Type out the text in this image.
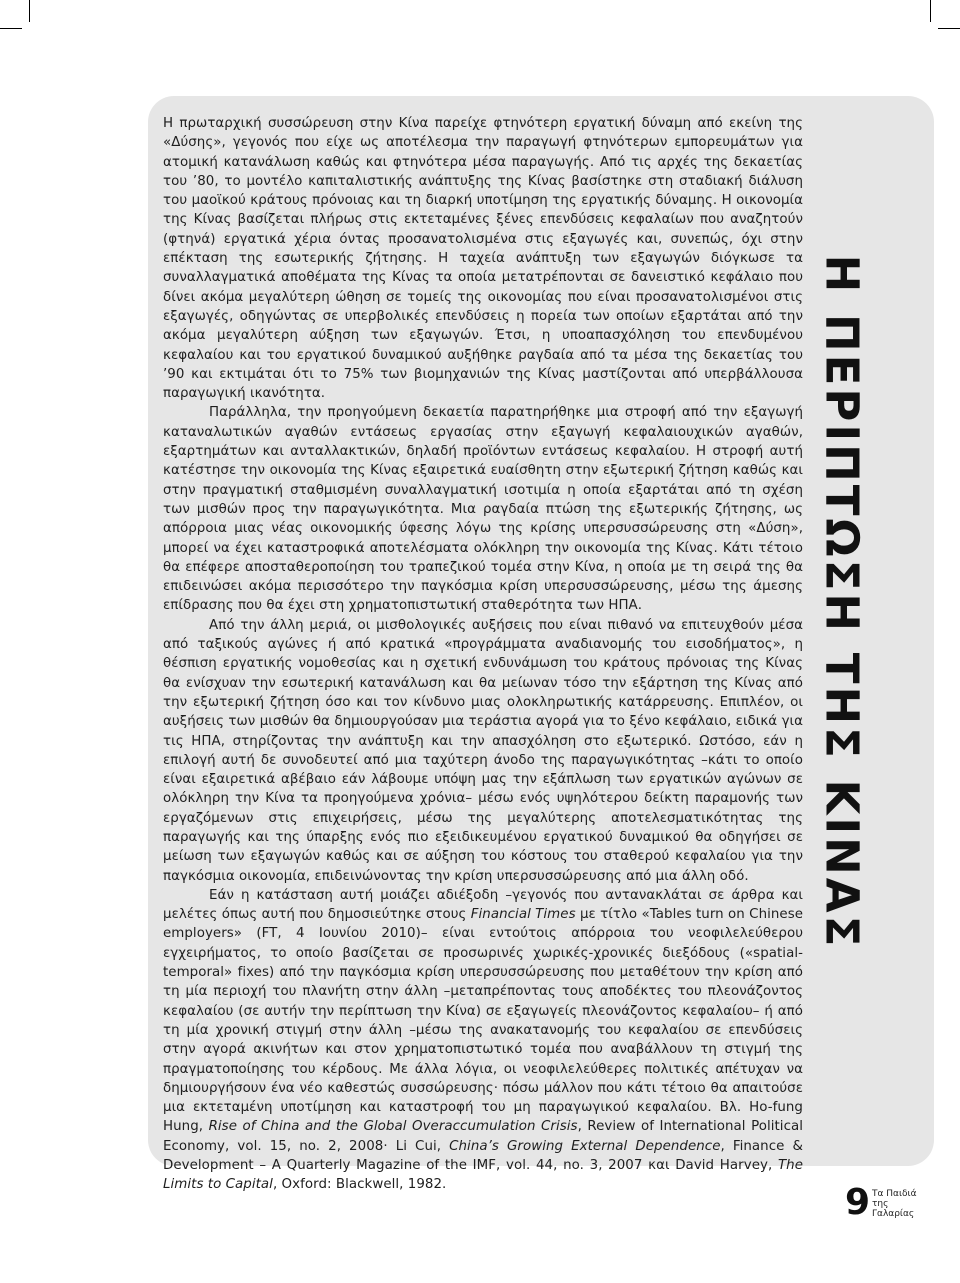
Η πρωταρχική συσσώρευση στην Κίνα παρείχε φτηνότερη εργατική δύναμη από εκείνη της «Δύσης», γεγονός που είχε ως αποτέλεσμα την παραγωγή φτηνότερων εμπορευμάτων για ατομική κατανάλωση καθώς και φτηνότερα μέσα παραγωγής. Από τις αρχές της δεκαετίας του ’80, το μοντέλο καπιταλιστικής ανάπτυξης της Κίνας βασίστηκε στη σταδιακή διάλυση του μαοϊκού κράτους πρόνοιας και τη διαρκή υποτίμηση της εργατικής δύναμης. Η οικονομία της Κίνας βασίζεται πλήρως στις εκτεταμένες ξένες επενδύσεις κεφαλαίων που αναζητούν (φτηνά) εργατικά χέρια όντας προσανατολισμένα στις εξαγωγές και, συνεπώς, όχι στην επέκταση της εσωτερικής ζήτησης. Η ταχεία ανάπτυξη των εξαγωγών διόγκωσε τα συναλλαγματικά αποθέματα της Κίνας τα οποία μετατρέπονται σε δανειστικό κεφάλαιο που δίνει ακόμα μεγαλύτερη ώθηση σε τομείς της οικονομίας που είναι προσανατολισμένοι στις εξαγωγές, οδηγώντας σε υπερβολικές επενδύσεις η πορεία των οποίων εξαρτάται από την ακόμα μεγαλύτερη αύξηση των εξαγωγών. Έτσι, η υποαπασχόληση του επενδυμένου κεφαλαίου και του εργατικού δυναμικού αυξήθηκε ραγδαία από τα μέσα της δεκαετίας του ’90 και εκτιμάται ότι το 75% των βιομηχανιών της Κίνας μαστίζονται από υπερβάλλουσα παραγωγική ικανότητα.

Παράλληλα, την προηγούμενη δεκαετία παρατηρήθηκε μια στροφή από την εξαγωγή καταναλωτικών αγαθών εντάσεως εργασίας στην εξαγωγή κεφαλαιουχικών αγαθών, εξαρτημάτων και ανταλλακτικών, δηλαδή προϊόντων εντάσεως κεφαλαίου. Η στροφή αυτή κατέστησε την οικονομία της Κίνας εξαιρετικά ευαίσθητη στην εξωτερική ζήτηση καθώς και στην πραγματική σταθμισμένη συναλλαγματική ισοτιμία η οποία εξαρτάται από τη σχέση των μισθών προς την παραγωγικότητα. Μια ραγδαία πτώση της εξωτερικής ζήτησης, ως απόρροια μιας νέας οικονομικής ύφεσης λόγω της κρίσης υπερσυσσώρευσης στη «Δύση», μπορεί να έχει καταστροφικά αποτελέσματα ολόκληρη την οικονομία της Κίνας. Κάτι τέτοιο θα επέφερε αποσταθεροποίηση του τραπεζικού τομέα στην Κίνα, η οποία με τη σειρά της θα επιδεινώσει ακόμα περισσότερο την παγκόσμια κρίση υπερσυσσώρευσης, μέσω της άμεσης επίδρασης που θα έχει στη χρηματοπιστωτική σταθερότητα των ΗΠΑ.

Από την άλλη μεριά, οι μισθολογικές αυξήσεις που είναι πιθανό να επιτευχθούν μέσα από ταξικούς αγώνες ή από κρατικά «προγράμματα αναδιανομής του εισοδήματος», η θέσπιση εργατικής νομοθεσίας και η σχετική ενδυνάμωση του κράτους πρόνοιας της Κίνας θα ενίσχυαν την εσωτερική κατανάλωση και θα μείωναν τόσο την εξάρτηση της Κίνας από την εξωτερική ζήτηση όσο και τον κίνδυνο μιας ολοκληρωτικής κατάρρευσης. Επιπλέον, οι αυξήσεις των μισθών θα δημιουργούσαν μια τεράστια αγορά για το ξένο κεφάλαιο, ειδικά για τις ΗΠΑ, στηρίζοντας την ανάπτυξη και την απασχόληση στο εξωτερικό. Ωστόσο, εάν η επιλογή αυτή δε συνοδευτεί από μια ταχύτερη άνοδο της παραγωγικότητας –κάτι το οποίο είναι εξαιρετικά αβέβαιο εάν λάβουμε υπόψη μας την εξάπλωση των εργατικών αγώνων σε ολόκληρη την Κίνα τα προηγούμενα χρόνια– μέσω ενός υψηλότερου δείκτη παραμονής των εργαζόμενων στις επιχειρήσεις, μέσω της μεγαλύτερης αποτελεσματικότητας της παραγωγής και της ύπαρξης ενός πιο εξειδικευμένου εργατικού δυναμικού θα οδηγήσει σε μείωση των εξαγωγών καθώς και σε αύξηση του κόστους του σταθερού κεφαλαίου για την παγκόσμια οικονομία, επιδεινώνοντας την κρίση υπερσυσσώρευσης από μια άλλη οδό.

Εάν η κατάσταση αυτή μοιάζει αδιέξοδη –γεγονός που αντανακλάται σε άρθρα και μελέτες όπως αυτή που δημοσιεύτηκε στους Financial Times με τίτλο «Tables turn on Chinese employers» (FT, 4 Ιουνίου 2010)– είναι εντούτοις απόρροια του νεοφιλελεύθερου εγχειρήματος, το οποίο βασίζεται σε προσωρινές χωρικές-χρονικές διεξόδους («spatial-temporal» fixes) από την παγκόσμια κρίση υπερσυσσώρευσης που μεταθέτουν την κρίση από τη μία περιοχή του πλανήτη στην άλλη –μεταπρέποντας τους αποδέκτες του πλεονάζοντος κεφαλαίου (σε αυτήν την περίπτωση την Κίνα) σε εξαγωγείς πλεονάζοντος κεφαλαίου– ή από τη μία χρονική στιγμή στην άλλη –μέσω της ανακατανομής του κεφαλαίου σε επενδύσεις στην αγορά ακινήτων και στον χρηματοπιστωτικό τομέα που αναβάλλουν τη στιγμή της πραγματοποίησης του κέρδους. Με άλλα λόγια, οι νεοφιλελεύθερες πολιτικές απέτυχαν να δημιουργήσουν ένα νέο καθεστώς συσσώρευσης· πόσω μάλλον που κάτι τέτοιο θα απαιτούσε μια εκτεταμένη υποτίμηση και καταστροφή του μη παραγωγικού κεφαλαίου. Βλ. Ho-fung Hung, Rise of China and the Global Overaccumulation Crisis, Review of International Political Economy, vol. 15, no. 2, 2008· Li Cui, China’s Growing External Dependence, Finance & Development – A Quarterly Magazine of the IMF, vol. 44, no. 3, 2007 και David Harvey, The Limits to Capital, Oxford: Blackwell, 1982.

Η ΠΕΡΙΠΤΩΣΗ ΤΗΣ ΚΙΝΑΣ
9 Τα Παιδιά
της
Γαλαρίας
